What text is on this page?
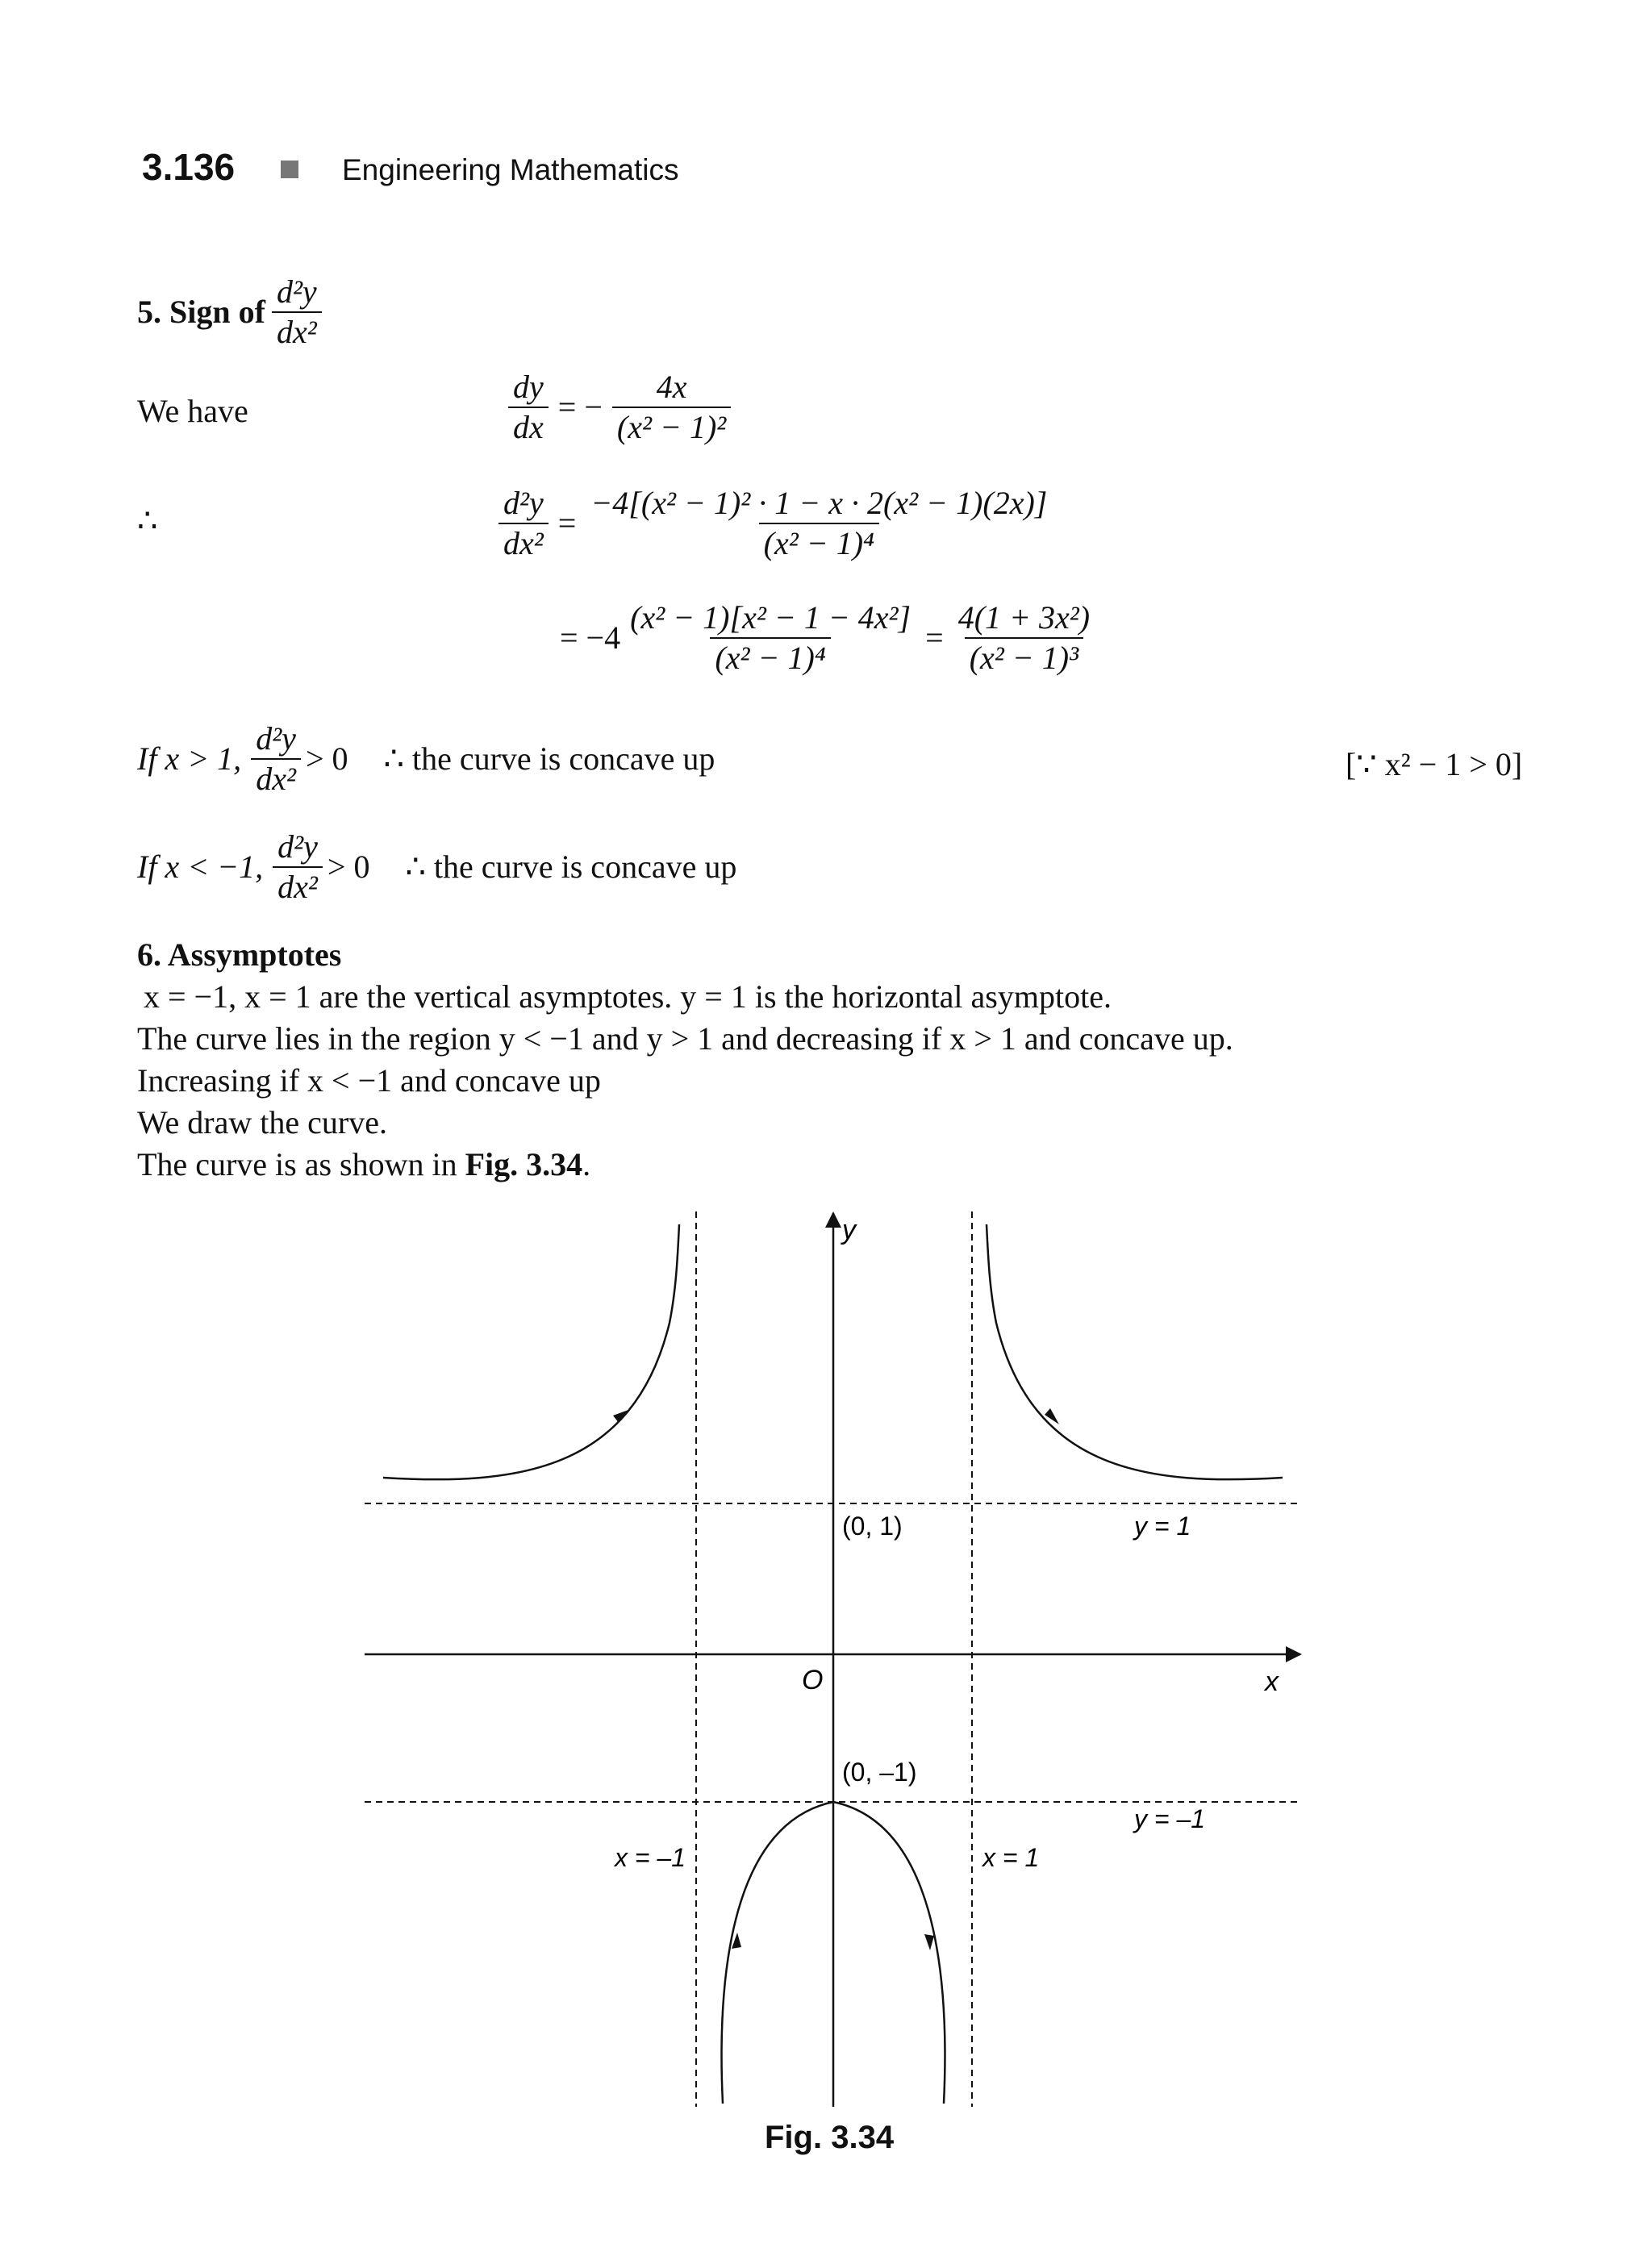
3.136	Engineering Mathematics
5. Sign of $\frac{\text{d²y}}{\text{dx²}}$
We have	$\frac{dy}{dx}$ = − $\frac{4x}{\text{(x² − 1)²}}$
∴	$\frac{\text{d²y}}{\text{dx²}} = \frac{\text{−4[(x² − 1)² · 1 − x · 2(x² − 1)(2x)]}}{\text{(x² − 1)⁴}}$
= $-4 \frac{\text{(x² − 1)[x² − 1 − 4x²]}}{\text{(x² − 1)⁴}} = \frac{\text{4(1 + 3x²)}}{\text{(x² − 1)³}}$
If x > 1, $\frac{\text{d²y}}{\text{dx²}} > 0$ ∴ the curve is concave up	[∵ x² − 1 > 0]
If x < −1, $\frac{\text{d²y}}{\text{dx²}} > 0$ ∴ the curve is concave up
6. Assymptotes
x = −1, x = 1 are the vertical asymptotes. y = 1 is the horizontal asymptote.
The curve lies in the region y < −1 and y > 1 and decreasing if x > 1 and concave up.
Increasing if x < −1 and concave up
We draw the curve.
The curve is as shown in Fig. 3.34.
y
x
O
(0, 1)
(0, –1)
y = 1
y = –1
x = –1	x = 1
Fig. 3.34
